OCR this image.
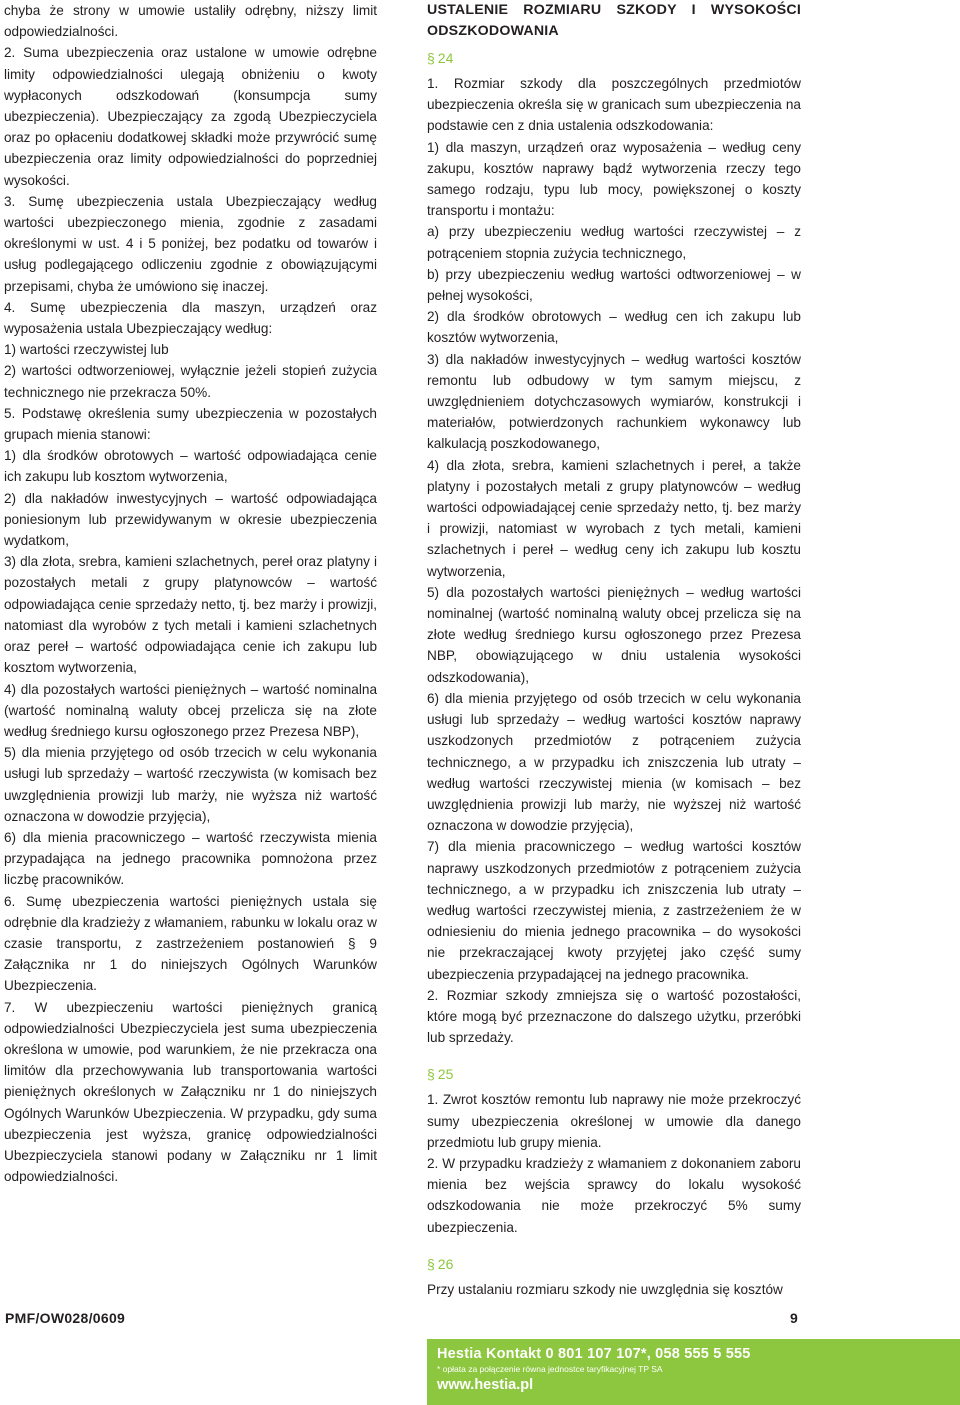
chyba że strony w umowie ustaliły odrębny, niższy limit odpowiedzialności.

2. Suma ubezpieczenia oraz ustalone w umowie odrębne limity odpowiedzialności ulegają obniżeniu o kwoty wypłaconych odszkodowań (konsumpcja sumy ubezpieczenia). Ubezpieczający za zgodą Ubezpieczyciela oraz po opłaceniu dodatkowej składki może przywrócić sumę ubezpieczenia oraz limity odpowiedzialności do poprzedniej wysokości.

3. Sumę ubezpieczenia ustala Ubezpieczający według wartości ubezpieczonego mienia, zgodnie z zasadami określonymi w ust. 4 i 5 poniżej, bez podatku od towarów i usług podlegającego odliczeniu zgodnie z obowiązującymi przepisami, chyba że umówiono się inaczej.

4. Sumę ubezpieczenia dla maszyn, urządzeń oraz wyposażenia ustala Ubezpieczający według:

1) wartości rzeczywistej lub

2) wartości odtworzeniowej, wyłącznie jeżeli stopień zużycia technicznego nie przekracza 50%.

5. Podstawę określenia sumy ubezpieczenia w pozostałych grupach mienia stanowi:

1) dla środków obrotowych – wartość odpowiadająca cenie ich zakupu lub kosztom wytworzenia,

2) dla nakładów inwestycyjnych – wartość odpowiadająca poniesionym lub przewidywanym w okresie ubezpieczenia wydatkom,

3) dla złota, srebra, kamieni szlachetnych, pereł oraz platyny i pozostałych metali z grupy platynowców – wartość odpowiadająca cenie sprzedaży netto, tj. bez marży i prowizji, natomiast dla wyrobów z tych metali i kamieni szlachetnych oraz pereł – wartość odpowiadająca cenie ich zakupu lub kosztom wytworzenia,

4) dla pozostałych wartości pieniężnych – wartość nominalna (wartość nominalną waluty obcej przelicza się na złote według średniego kursu ogłoszonego przez Prezesa NBP),

5) dla mienia przyjętego od osób trzecich w celu wykonania usługi lub sprzedaży – wartość rzeczywista (w komisach bez uwzględnienia prowizji lub marży, nie wyższa niż wartość oznaczona w dowodzie przyjęcia),

6) dla mienia pracowniczego – wartość rzeczywista mienia przypadająca na jednego pracownika pomnożona przez liczbę pracowników.

6. Sumę ubezpieczenia wartości pieniężnych ustala się odrębnie dla kradzieży z włamaniem, rabunku w lokalu oraz w czasie transportu, z zastrzeżeniem postanowień § 9 Załącznika nr 1 do niniejszych Ogólnych Warunków Ubezpieczenia.

7. W ubezpieczeniu wartości pieniężnych granicą odpowiedzialności Ubezpieczyciela jest suma ubezpieczenia określona w umowie, pod warunkiem, że nie przekracza ona limitów dla przechowywania lub transportowania wartości pieniężnych określonych w Załączniku nr 1 do niniejszych Ogólnych Warunków Ubezpieczenia. W przypadku, gdy suma ubezpieczenia jest wyższa, granicę odpowiedzialności Ubezpieczyciela stanowi podany w Załączniku nr 1 limit odpowiedzialności.

USTALENIE ROZMIARU SZKODY I WYSOKOŚCI ODSZKODOWANIA
§ 24

1. Rozmiar szkody dla poszczególnych przedmiotów ubezpieczenia określa się w granicach sum ubezpieczenia na podstawie cen z dnia ustalenia odszkodowania:

1) dla maszyn, urządzeń oraz wyposażenia – według ceny zakupu, kosztów naprawy bądź wytworzenia rzeczy tego samego rodzaju, typu lub mocy, powiększonej o koszty transportu i montażu:

a) przy ubezpieczeniu według wartości rzeczywistej – z potrąceniem stopnia zużycia technicznego,

b) przy ubezpieczeniu według wartości odtworzeniowej – w pełnej wysokości,

2) dla środków obrotowych – według cen ich zakupu lub kosztów wytworzenia,

3) dla nakładów inwestycyjnych – według wartości kosztów remontu lub odbudowy w tym samym miejscu, z uwzględnieniem dotychczasowych wymiarów, konstrukcji i materiałów, potwierdzonych rachunkiem wykonawcy lub kalkulacją poszkodowanego,

4) dla złota, srebra, kamieni szlachetnych i pereł, a także platyny i pozostałych metali z grupy platynowców – według wartości odpowiadającej cenie sprzedaży netto, tj. bez marży i prowizji, natomiast w wyrobach z tych metali, kamieni szlachetnych i pereł – według ceny ich zakupu lub kosztu wytworzenia,

5) dla pozostałych wartości pieniężnych – według wartości nominalnej (wartość nominalną waluty obcej przelicza się na złote według średniego kursu ogłoszonego przez Prezesa NBP, obowiązującego w dniu ustalenia wysokości odszkodowania),

6) dla mienia przyjętego od osób trzecich w celu wykonania usługi lub sprzedaży – według wartości kosztów naprawy uszkodzonych przedmiotów z potrąceniem zużycia technicznego, a w przypadku ich zniszczenia lub utraty – według wartości rzeczywistej mienia (w komisach – bez uwzględnienia prowizji lub marży, nie wyższej niż wartość oznaczona w dowodzie przyjęcia),

7) dla mienia pracowniczego – według wartości kosztów naprawy uszkodzonych przedmiotów z potrąceniem zużycia technicznego, a w przypadku ich zniszczenia lub utraty – według wartości rzeczywistej mienia, z zastrzeżeniem że w odniesieniu do mienia jednego pracownika – do wysokości nie przekraczającej kwoty przyjętej jako część sumy ubezpieczenia przypadającej na jednego pracownika.

2. Rozmiar szkody zmniejsza się o wartość pozostałości, które mogą być przeznaczone do dalszego użytku, przeróbki lub sprzedaży.

§ 25

1. Zwrot kosztów remontu lub naprawy nie może przekroczyć sumy ubezpieczenia określonej w umowie dla danego przedmiotu lub grupy mienia.

2. W przypadku kradzieży z włamaniem z dokonaniem zaboru mienia bez wejścia sprawcy do lokalu wysokość odszkodowania nie może przekroczyć 5% sumy ubezpieczenia.

§ 26

Przy ustalaniu rozmiaru szkody nie uwzględnia się kosztów

PMF/OW028/0609	9
Hestia Kontakt 0 801 107 107*, 058 555 5 555
* opłata za połączenie równa jednostce taryfikacyjnej TP SA
www.hestia.pl
